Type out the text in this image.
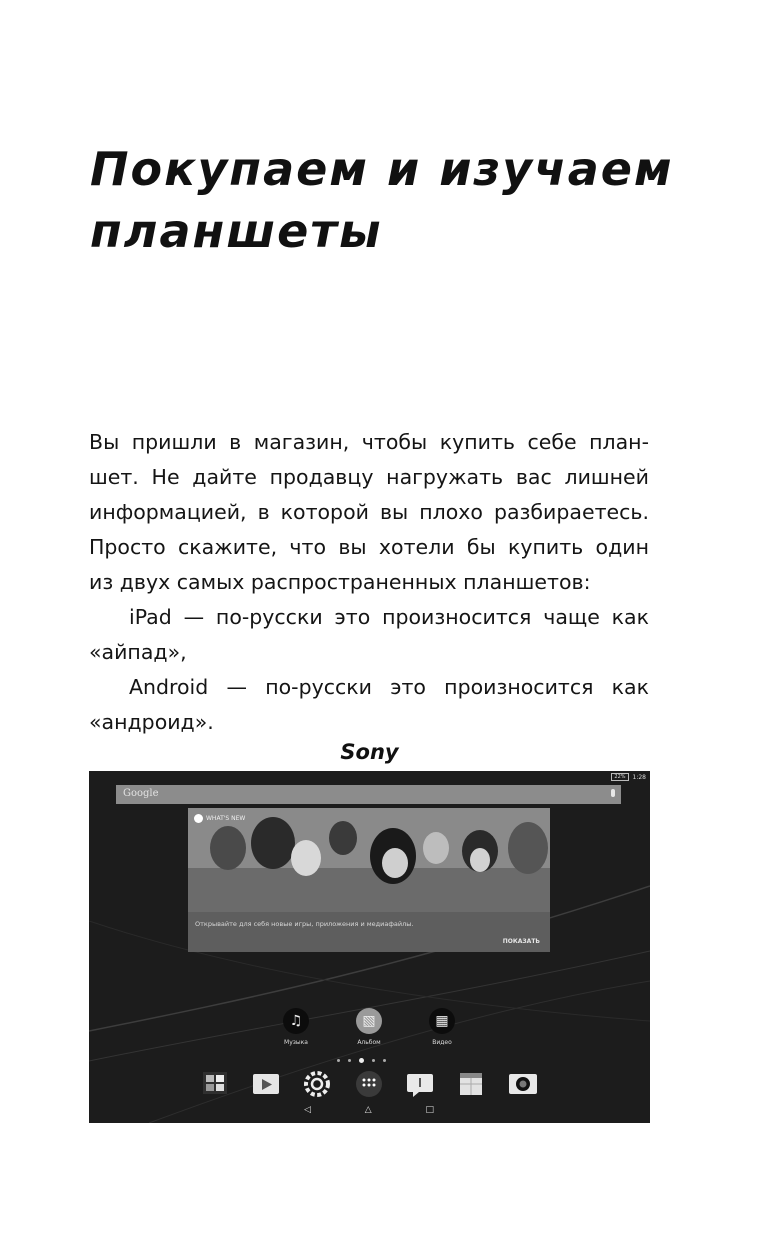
Покупаем и изучаем
планшеты

Вы пришли в магазин, чтобы купить себе план-

шет. Не дайте продавцу нагружать вас лишней

информацией, в которой вы плохо разбираетесь.

Просто скажите, что вы хотели бы купить один

из двух самых распространенных планшетов:

iPad — по-русски это произносится чаще как

«айпад»,

Android — по-русски это произносится как

«андроид».

Sony
22%	1:28
Google
WHAT'S NEW
Открывайте для себя новые игры, приложения и медиафайлы.
ПОКАЗАТЬ
♫
Музыка
▧
Альбом
▦
Видео
◁	△	□
